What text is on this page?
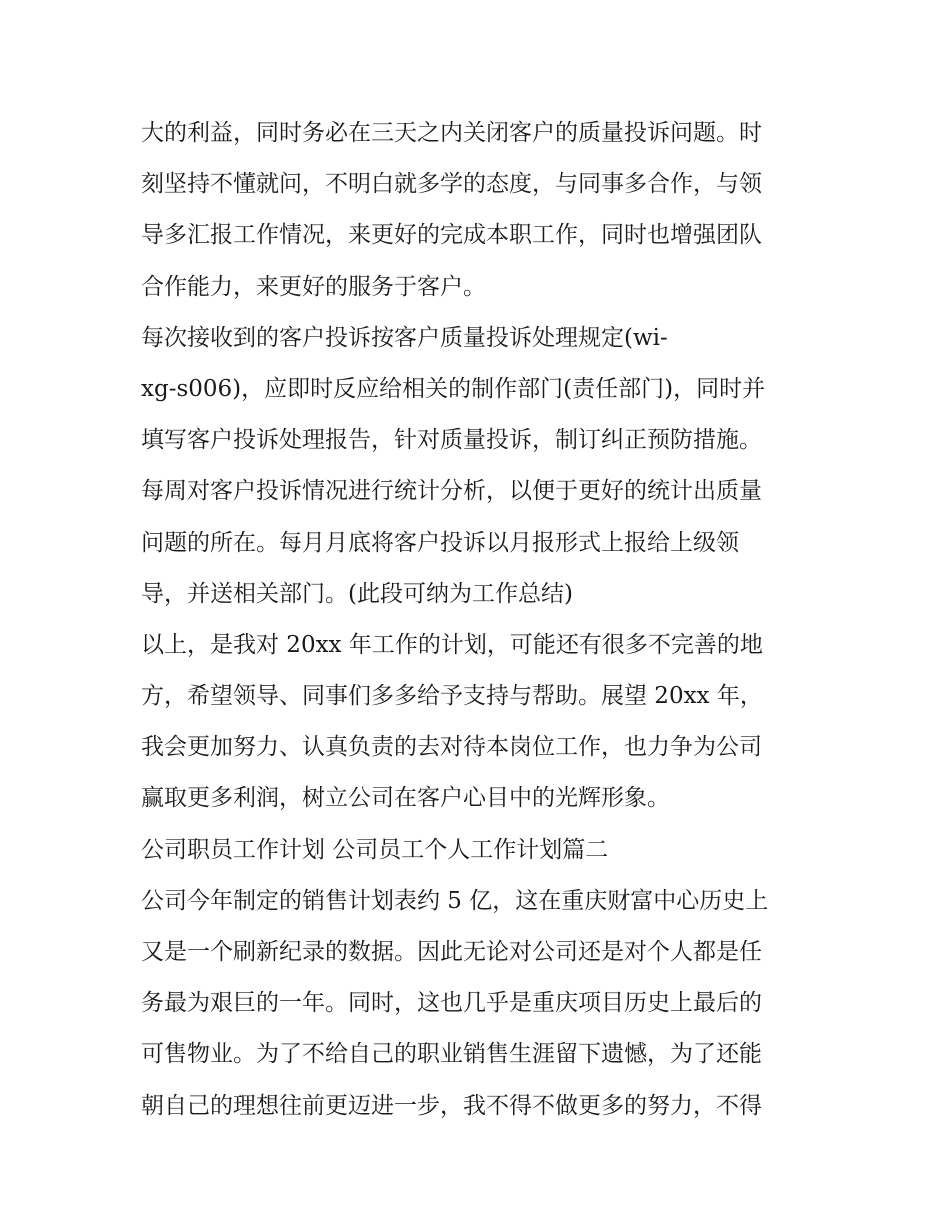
大的利益，同时务必在三天之内关闭客户的质量投诉问题。时
刻坚持不懂就问，不明白就多学的态度，与同事多合作，与领
导多汇报工作情况，来更好的完成本职工作，同时也增强团队
合作能力，来更好的服务于客户。
每次接收到的客户投诉按客户质量投诉处理规定(wi-
xg-s006)，应即时反应给相关的制作部门(责任部门)，同时并
填写客户投诉处理报告，针对质量投诉，制订纠正预防措施。
每周对客户投诉情况进行统计分析，以便于更好的统计出质量
问题的所在。每月月底将客户投诉以月报形式上报给上级领
导，并送相关部门。(此段可纳为工作总结)
以上，是我对 20xx 年工作的计划，可能还有很多不完善的地
方，希望领导、同事们多多给予支持与帮助。展望 20xx 年，
我会更加努力、认真负责的去对待本岗位工作，也力争为公司
赢取更多利润，树立公司在客户心目中的光辉形象。
公司职员工作计划 公司员工个人工作计划篇二
公司今年制定的销售计划表约 5 亿，这在重庆财富中心历史上
又是一个刷新纪录的数据。因此无论对公司还是对个人都是任
务最为艰巨的一年。同时，这也几乎是重庆项目历史上最后的
可售物业。为了不给自己的职业销售生涯留下遗憾，为了还能
朝自己的理想往前更迈进一步，我不得不做更多的努力，不得
